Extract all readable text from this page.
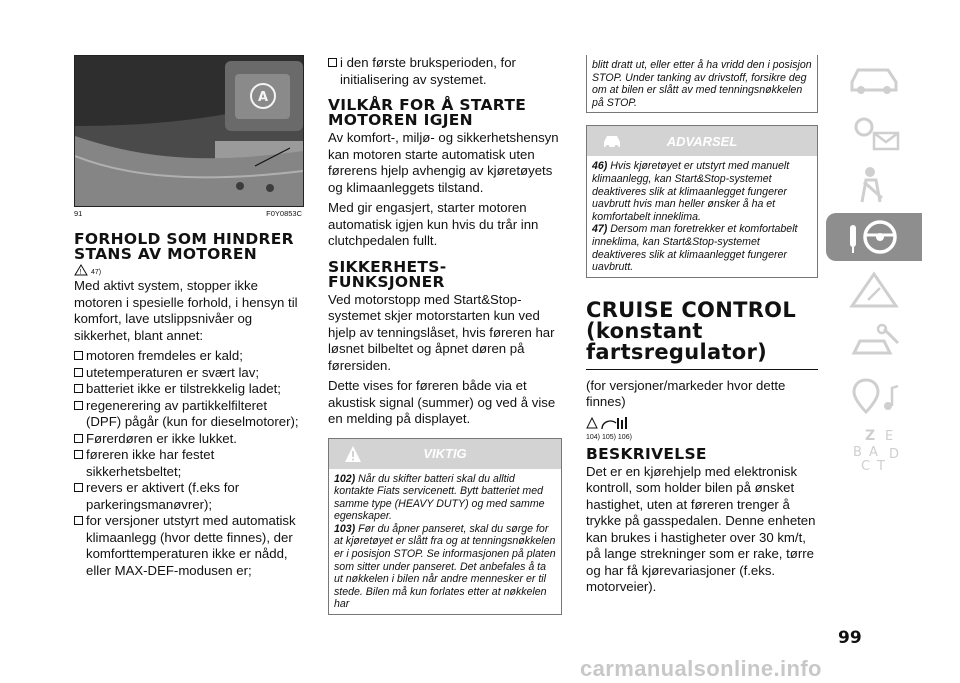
A
91	F0Y0853C
FORHOLD SOM HINDRER STANS AV MOTOREN
! 47)

Med aktivt system, stopper ikke motoren i spesielle forhold, i hensyn til komfort, lave utslippsnivåer og sikkerhet, blant annet:

motoren fremdeles er kald;
utetemperaturen er svært lav;
batteriet ikke er tilstrekkelig ladet;
regenerering av partikkelfilteret (DPF) pågår (kun for dieselmotorer);
Førerdøren er ikke lukket.
føreren ikke har festet sikkerhetsbeltet;
revers er aktivert (f.eks for parkeringsmanøvrer);
for versjoner utstyrt med automatisk klimaanlegg (hvor dette finnes), der komforttemperaturen ikke er nådd, eller MAX-DEF-modusen er;
i den første bruksperioden, for initialisering av systemet.
VILKÅR FOR Å STARTE MOTOREN IGJEN

Av komfort-, miljø- og sikkerhetshensyn kan motoren starte automatisk uten førerens hjelp avhengig av kjøretøyets og klimaanleggets tilstand.

Med gir engasjert, starter motoren automatisk igjen kun hvis du trår inn clutchpedalen fullt.

SIKKERHETS-FUNKSJONER

Ved motorstopp med Start&Stop-systemet skjer motorstarten kun ved hjelp av tenningslåset, hvis føreren har løsnet bilbeltet og åpnet døren på førersiden.

Dette vises for føreren både via et akustisk signal (summer) og ved å vise en melding på displayet.

VIKTIG
102) Når du skifter batteri skal du alltid kontakte Fiats servicenett. Bytt batteriet med samme type (HEAVY DUTY) og med samme egenskaper.
103) Før du åpner panseret, skal du sørge for at kjøretøyet er slått fra og at tenningsnøkkelen er i posisjon STOP. Se informasjonen på platen som sitter under panseret. Det anbefales å ta ut nøkkelen i bilen når andre mennesker er til stede. Bilen må kun forlates etter at nøkkelen har
blitt dratt ut, eller etter å ha vridd den i posisjon STOP. Under tanking av drivstoff, forsikre deg om at bilen er slått av med tenningsnøkkelen på STOP.
ADVARSEL
46) Hvis kjøretøyet er utstyrt med manuelt klimaanlegg, kan Start&Stop-systemet deaktiveres slik at klimaanlegget fungerer uavbrutt hvis man heller ønsker å ha et komfortabelt inneklima.
47) Dersom man foretrekker et komfortabelt inneklima, kan Start&Stop-systemet deaktiveres slik at klimaanlegget fungerer uavbrutt.
CRUISE CONTROL (konstant fartsregulator)

(for versjoner/markeder hvor dette finnes)

104) 105) 106)
BESKRIVELSE

Det er en kjørehjelp med elektronisk kontroll, som holder bilen på ønsket hastighet, uten at føreren trenger å trykke på gasspedalen. Denne enheten kan brukes i hastigheter over 30 km/t, på lange strekninger som er rake, tørre og har få kjørevariasjoner (f.eks. motorveier).

Z E
B A D
C T
99
carmanualsonline.info
